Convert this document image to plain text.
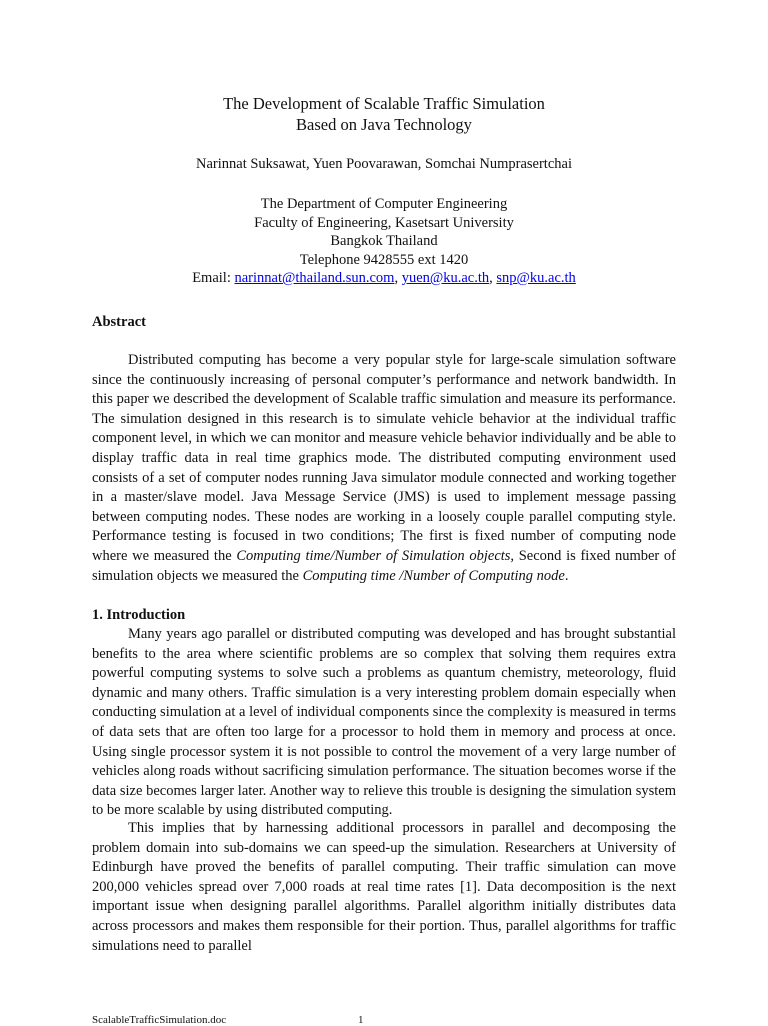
The Development of Scalable Traffic Simulation
Based on Java Technology
Narinnat Suksawat, Yuen Poovarawan, Somchai Numprasertchai
The Department of Computer Engineering
Faculty of Engineering, Kasetsart University
Bangkok Thailand
Telephone 9428555 ext 1420
Email: narinnat@thailand.sun.com, yuen@ku.ac.th, snp@ku.ac.th
Abstract

Distributed computing has become a very popular style for large-scale simulation software since the continuously increasing of personal computer’s performance and network bandwidth. In this paper we described the development of Scalable traffic simulation and measure its performance. The simulation designed in this research is to simulate vehicle behavior at the individual traffic component level, in which we can monitor and measure vehicle behavior individually and be able to display traffic data in real time graphics mode. The distributed computing environment used consists of a set of computer nodes running Java simulator module connected and working together in a master/slave model. Java Message Service (JMS) is used to implement message passing between computing nodes. These nodes are working in a loosely couple parallel computing style. Performance testing is focused in two conditions; The first is fixed number of computing node where we measured the Computing time/Number of Simulation objects, Second is fixed number of simulation objects we measured the Computing time /Number of Computing node.

1. Introduction

Many years ago parallel or distributed computing was developed and has brought substantial benefits to the area where scientific problems are so complex that solving them requires extra powerful computing systems to solve such a problems as quantum chemistry, meteorology, fluid dynamic and many others. Traffic simulation is a very interesting problem domain especially when conducting simulation at a level of individual components since the complexity is measured in terms of data sets that are often too large for a processor to hold them in memory and process at once. Using single processor system it is not possible to control the movement of a very large number of vehicles along roads without sacrificing simulation performance. The situation becomes worse if the data size becomes larger later. Another way to relieve this trouble is designing the simulation system to be more scalable by using distributed computing.

This implies that by harnessing additional processors in parallel and decomposing the problem domain into sub-domains we can speed-up the simulation. Researchers at University of Edinburgh have proved the benefits of parallel computing. Their traffic simulation can move 200,000 vehicles spread over 7,000 roads at real time rates [1]. Data decomposition is the next important issue when designing parallel algorithms. Parallel algorithm initially distributes data across processors and makes them responsible for their portion. Thus, parallel algorithms for traffic simulations need to parallel

ScalableTrafficSimulation.doc	1
